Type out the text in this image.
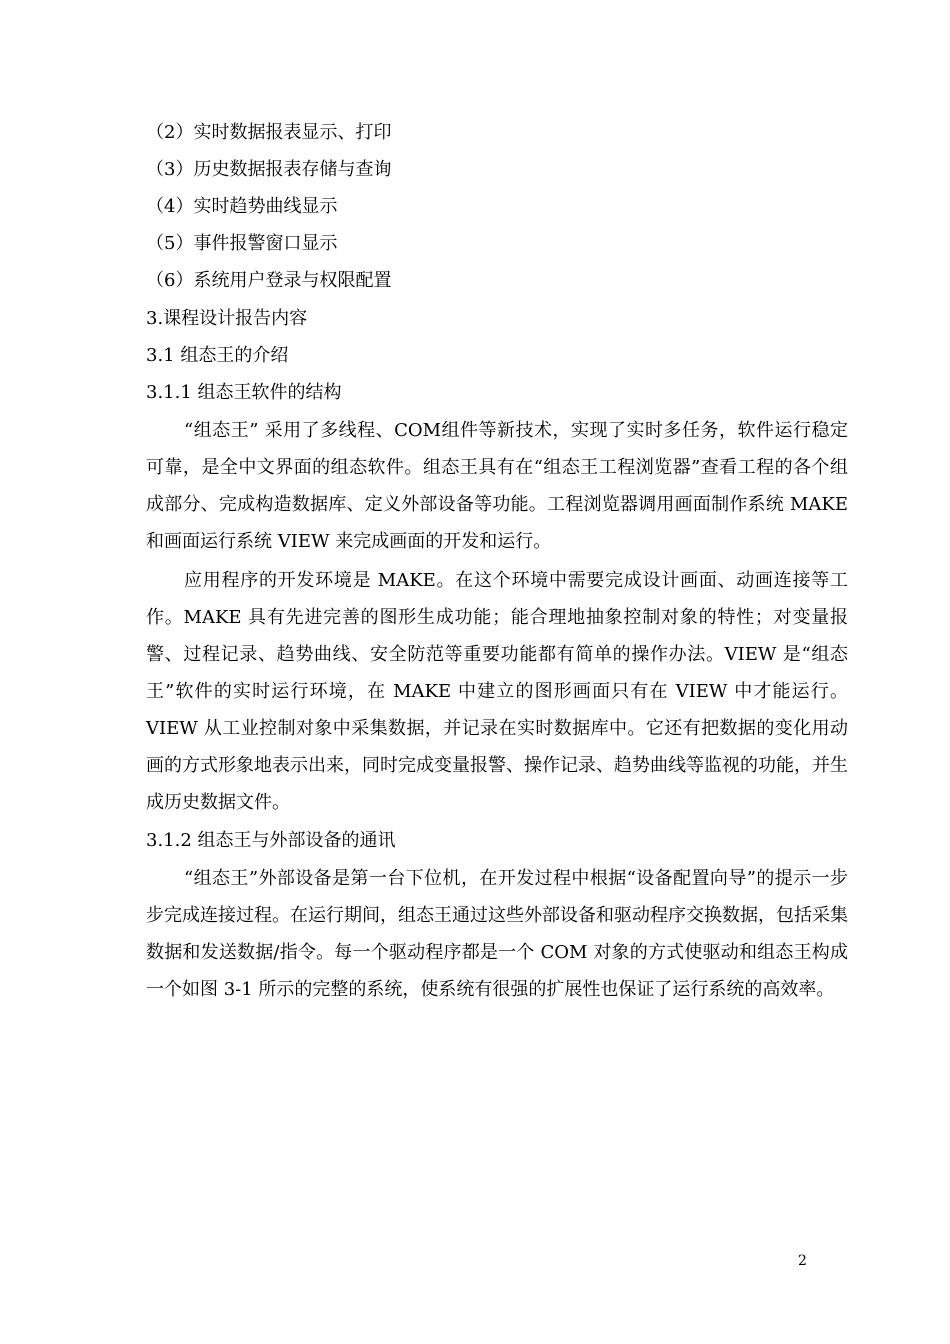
（2）实时数据报表显示、打印
（3）历史数据报表存储与查询
（4）实时趋势曲线显示
（5）事件报警窗口显示
（6）系统用户登录与权限配置
3.课程设计报告内容
3.1 组态王的介绍
3.1.1 组态王软件的结构

“组态王” 采用了多线程、COM组件等新技术，实现了实时多任务，软件运行稳定可靠，是全中文界面的组态软件。组态王具有在“组态王工程浏览器”查看工程的各个组成部分、完成构造数据库、定义外部设备等功能。工程浏览器调用画面制作系统 MAKE 和画面运行系统 VIEW 来完成画面的开发和运行。

应用程序的开发环境是 MAKE。在这个环境中需要完成设计画面、动画连接等工作。MAKE 具有先进完善的图形生成功能；能合理地抽象控制对象的特性；对变量报警、过程记录、趋势曲线、安全防范等重要功能都有简单的操作办法。VIEW 是“组态王”软件的实时运行环境，在 MAKE 中建立的图形画面只有在 VIEW 中才能运行。VIEW 从工业控制对象中采集数据，并记录在实时数据库中。它还有把数据的变化用动画的方式形象地表示出来，同时完成变量报警、操作记录、趋势曲线等监视的功能，并生成历史数据文件。

3.1.2 组态王与外部设备的通讯

“组态王”外部设备是第一台下位机，在开发过程中根据“设备配置向导”的提示一步步完成连接过程。在运行期间，组态王通过这些外部设备和驱动程序交换数据，包括采集数据和发送数据/指令。每一个驱动程序都是一个 COM 对象的方式使驱动和组态王构成一个如图 3-1 所示的完整的系统，使系统有很强的扩展性也保证了运行系统的高效率。

2
